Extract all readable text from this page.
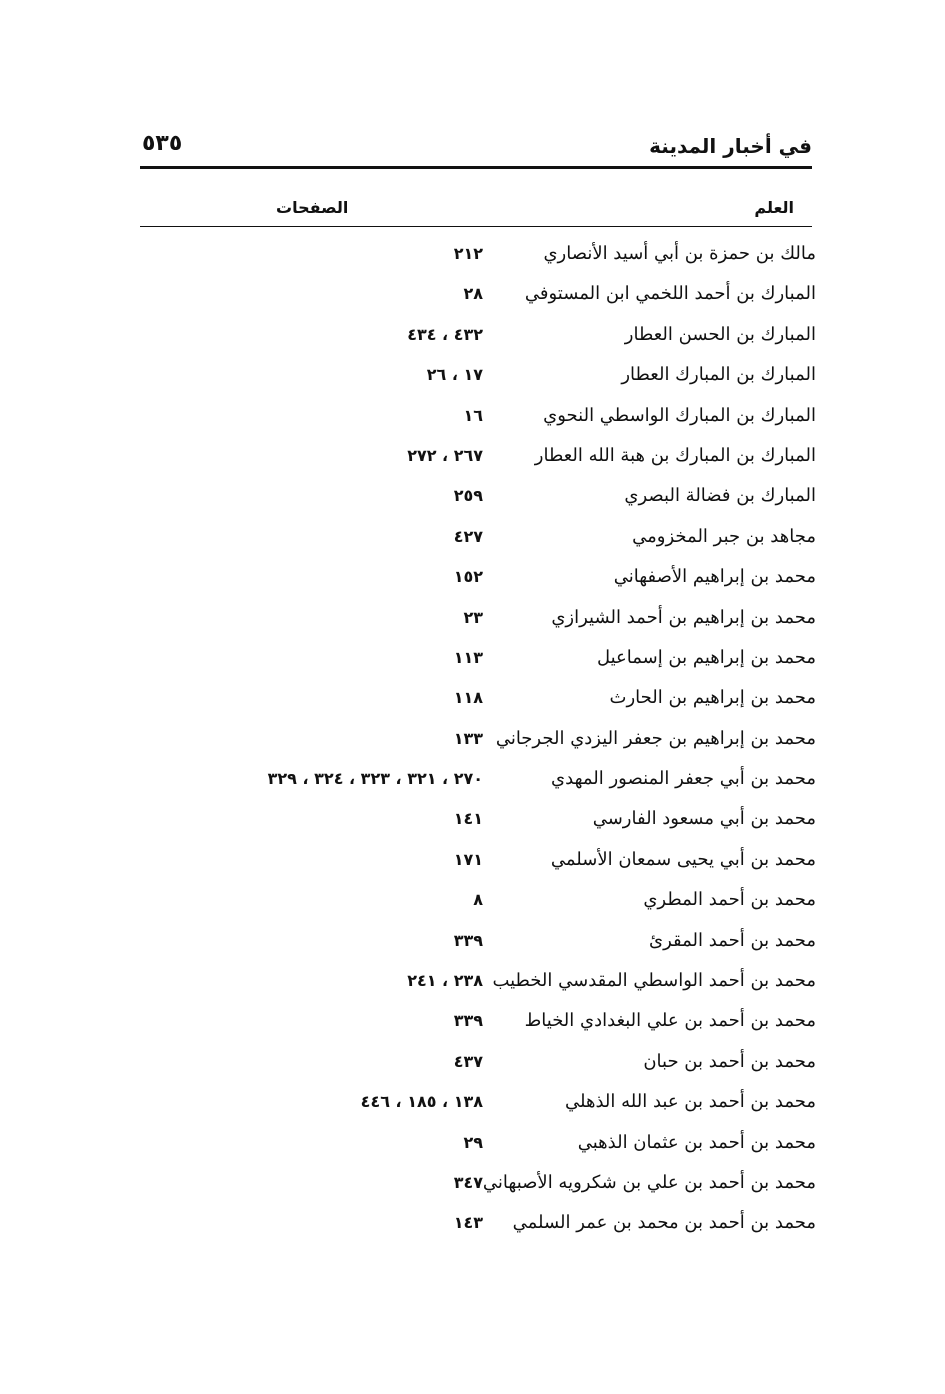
في أخبار المدينة
٥٣٥
العلم
الصفحات
مالك بن حمزة بن أبي أسيد الأنصاري
٢١٢
المبارك بن أحمد اللخمي ابن المستوفي
٢٨
المبارك بن الحسن العطار
٤٣٢ ، ٤٣٤
المبارك بن المبارك العطار
١٧ ، ٢٦
المبارك بن المبارك الواسطي النحوي
١٦
المبارك بن المبارك بن هبة الله العطار
٢٦٧ ، ٢٧٢
المبارك بن فضالة البصري
٢٥٩
مجاهد بن جبر المخزومي
٤٢٧
محمد بن إبراهيم الأصفهاني
١٥٢
محمد بن إبراهيم بن أحمد الشيرازي
٢٣
محمد بن إبراهيم بن إسماعيل
١١٣
محمد بن إبراهيم بن الحارث
١١٨
محمد بن إبراهيم بن جعفر اليزدي الجرجاني
١٣٣
محمد بن أبي جعفر المنصور المهدي
٢٧٠ ، ٣٢١ ، ٣٢٣ ، ٣٢٤ ، ٣٢٩
محمد بن أبي مسعود الفارسي
١٤١
محمد بن أبي يحيى سمعان الأسلمي
١٧١
محمد بن أحمد المطري
٨
محمد بن أحمد المقرئ
٣٣٩
محمد بن أحمد الواسطي المقدسي الخطيب
٢٣٨ ، ٢٤١
محمد بن أحمد بن علي البغدادي الخياط
٣٣٩
محمد بن أحمد بن حبان
٤٣٧
محمد بن أحمد بن عبد الله الذهلي
١٣٨ ، ١٨٥ ، ٤٤٦
محمد بن أحمد بن عثمان الذهبي
٢٩
محمد بن أحمد بن علي بن شكرويه الأصبهاني
٣٤٧
محمد بن أحمد بن محمد بن عمر السلمي
١٤٣
